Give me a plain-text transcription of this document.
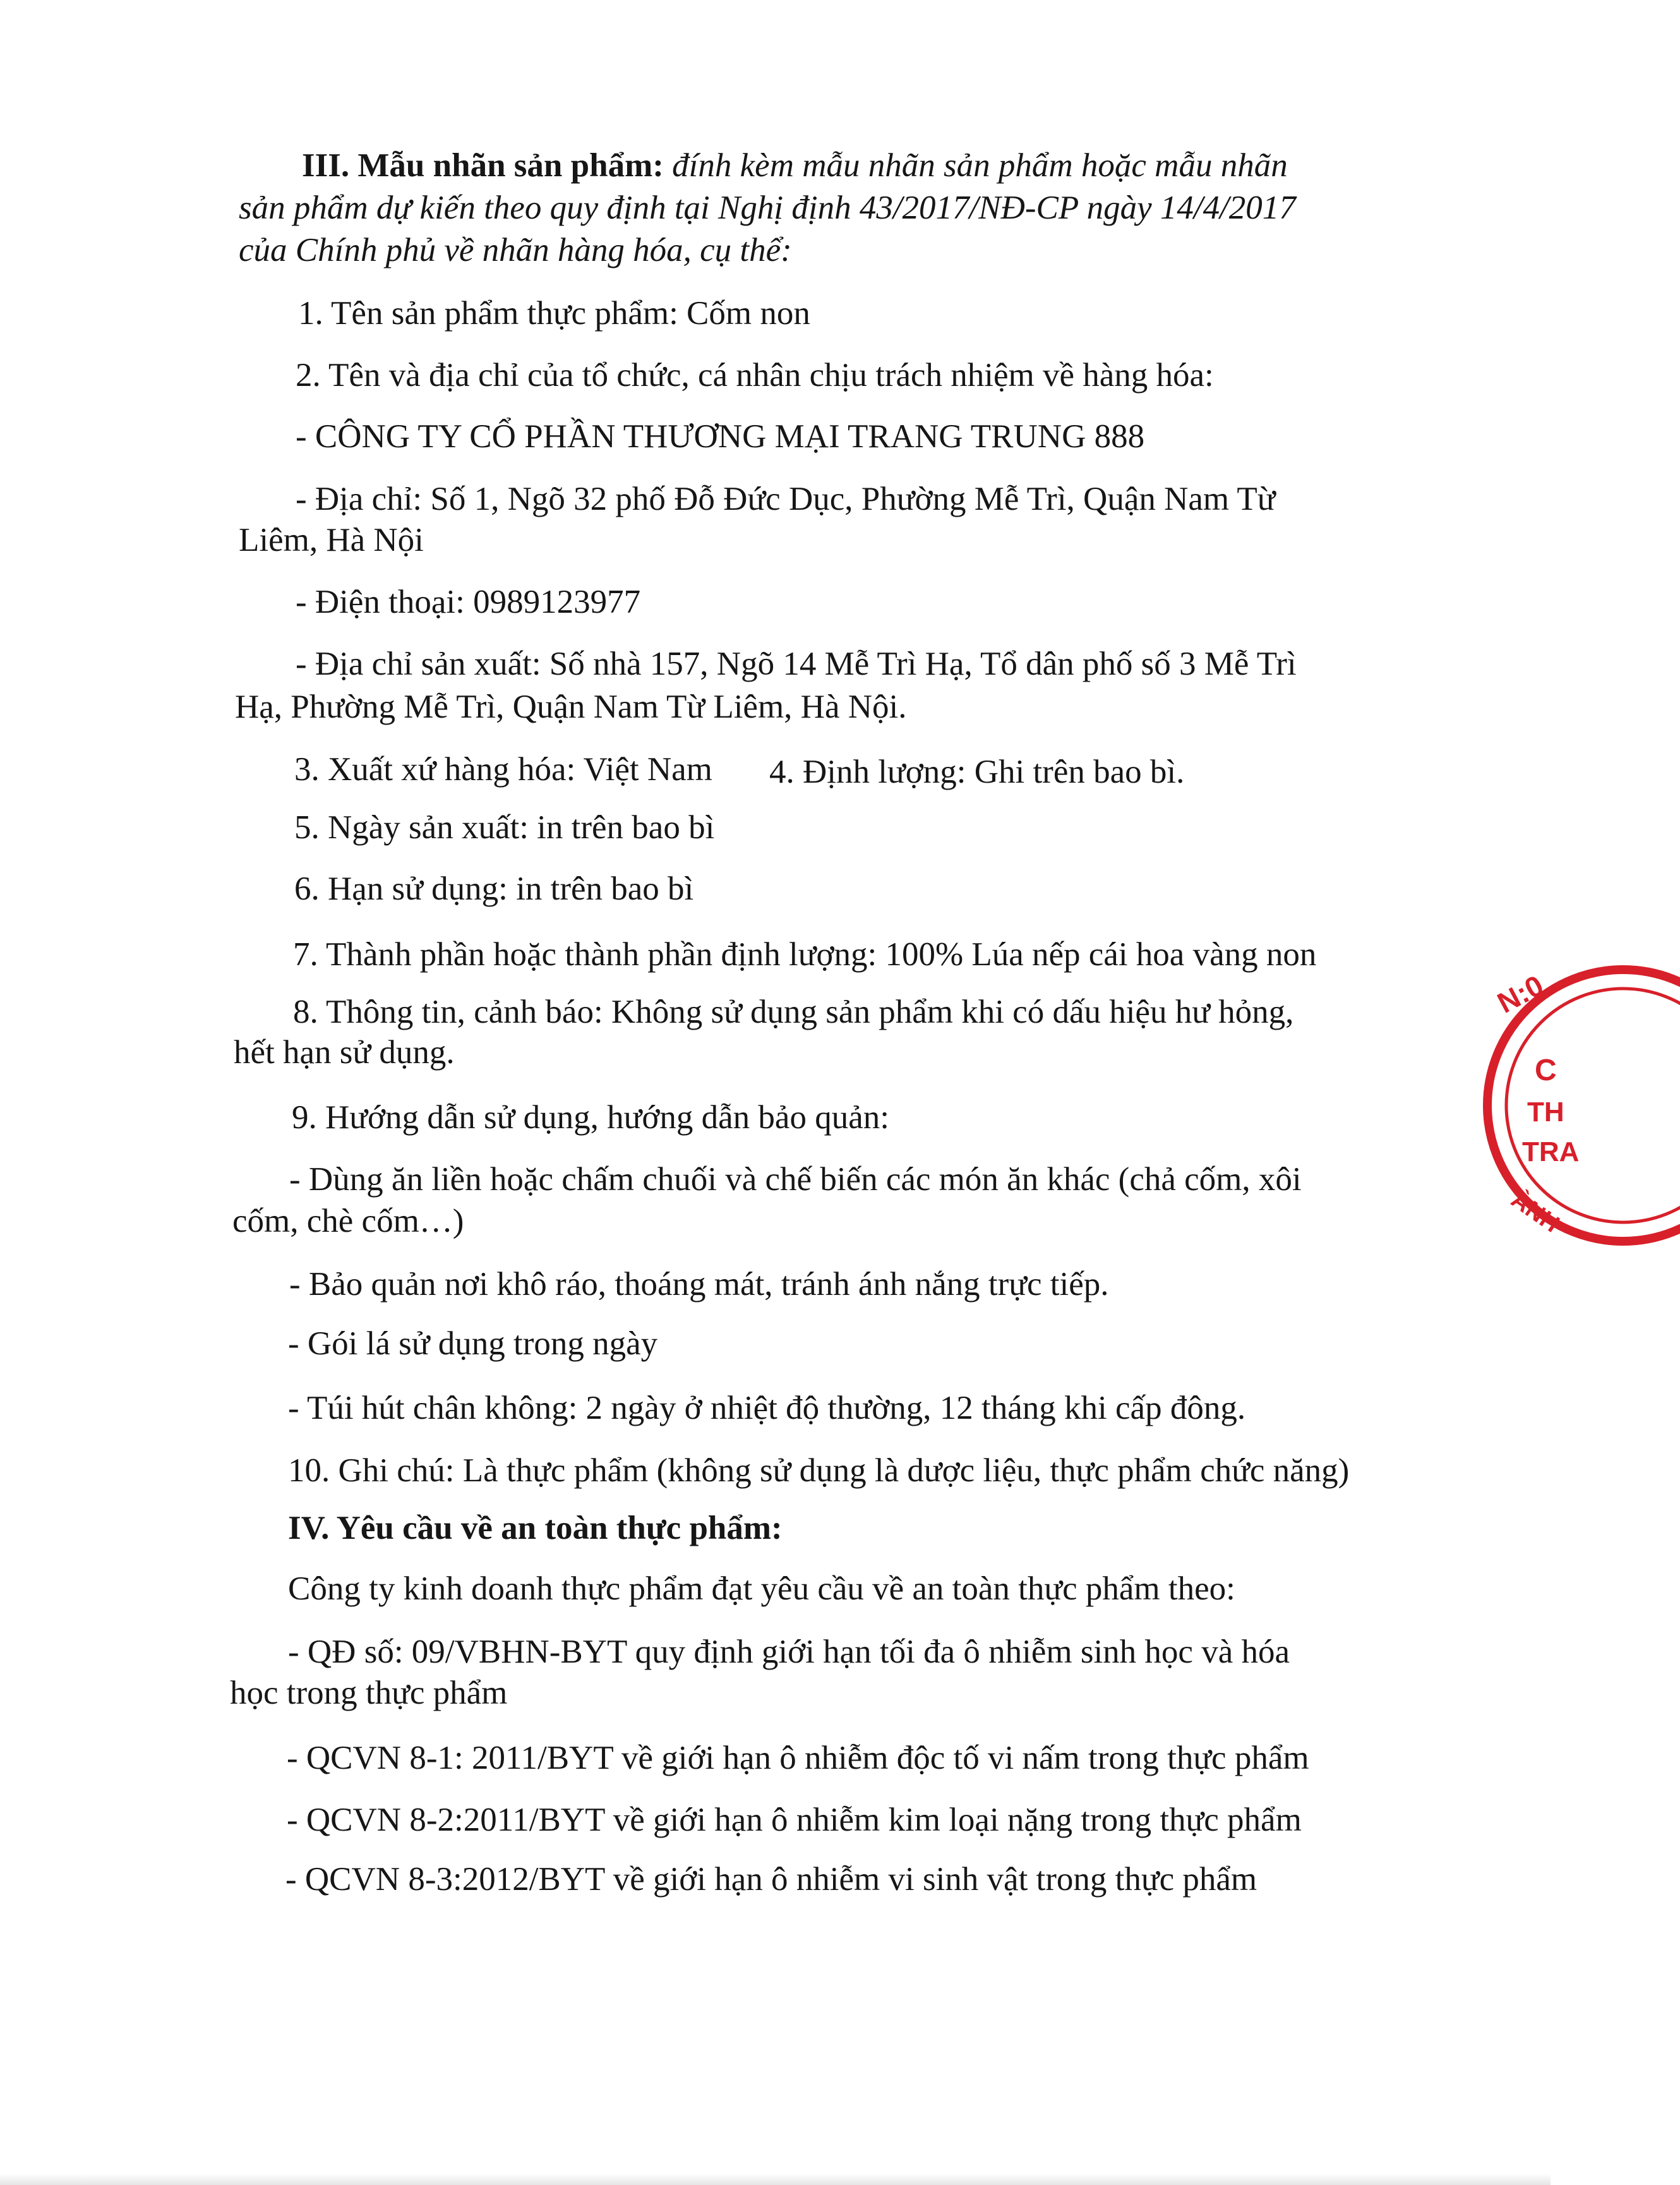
III. Mẫu nhãn sản phẩm: đính kèm mẫu nhãn sản phẩm hoặc mẫu nhãn
sản phẩm dự kiến theo quy định tại Nghị định 43/2017/NĐ-CP ngày 14/4/2017
của Chính phủ về nhãn hàng hóa, cụ thể:
1. Tên sản phẩm thực phẩm: Cốm non
2. Tên và địa chỉ của tổ chức, cá nhân chịu trách nhiệm về hàng hóa:
- CÔNG TY CỔ PHẦN THƯƠNG MẠI TRANG TRUNG 888
- Địa chỉ: Số 1, Ngõ 32 phố Đỗ Đức Dục, Phường Mễ Trì, Quận Nam Từ
Liêm, Hà Nội
- Điện thoại: 0989123977
- Địa chỉ sản xuất: Số nhà 157, Ngõ 14 Mễ Trì Hạ, Tổ dân phố số 3 Mễ Trì
Hạ, Phường Mễ Trì, Quận Nam Từ Liêm, Hà Nội.
3. Xuất xứ hàng hóa: Việt Nam 4. Định lượng: Ghi trên bao bì.
5. Ngày sản xuất: in trên bao bì
6. Hạn sử dụng: in trên bao bì
7. Thành phần hoặc thành phần định lượng: 100% Lúa nếp cái hoa vàng non
8. Thông tin, cảnh báo: Không sử dụng sản phẩm khi có dấu hiệu hư hỏng,
hết hạn sử dụng.
9. Hướng dẫn sử dụng, hướng dẫn bảo quản:
- Dùng ăn liền hoặc chấm chuối và chế biến các món ăn khác (chả cốm, xôi
cốm, chè cốm…)
- Bảo quản nơi khô ráo, thoáng mát, tránh ánh nắng trực tiếp.
- Gói lá sử dụng trong ngày
- Túi hút chân không: 2 ngày ở nhiệt độ thường, 12 tháng khi cấp đông.
10. Ghi chú: Là thực phẩm (không sử dụng là dược liệu, thực phẩm chức năng)
IV. Yêu cầu về an toàn thực phẩm:
Công ty kinh doanh thực phẩm đạt yêu cầu về an toàn thực phẩm theo:
- QĐ số: 09/VBHN-BYT quy định giới hạn tối đa ô nhiễm sinh học và hóa
học trong thực phẩm
- QCVN 8-1: 2011/BYT về giới hạn ô nhiễm độc tố vi nấm trong thực phẩm
- QCVN 8-2:2011/BYT về giới hạn ô nhiễm kim loại nặng trong thực phẩm
- QCVN 8-3:2012/BYT về giới hạn ô nhiễm vi sinh vật trong thực phẩm
N:0
C
TH
TRA
ÀNH
